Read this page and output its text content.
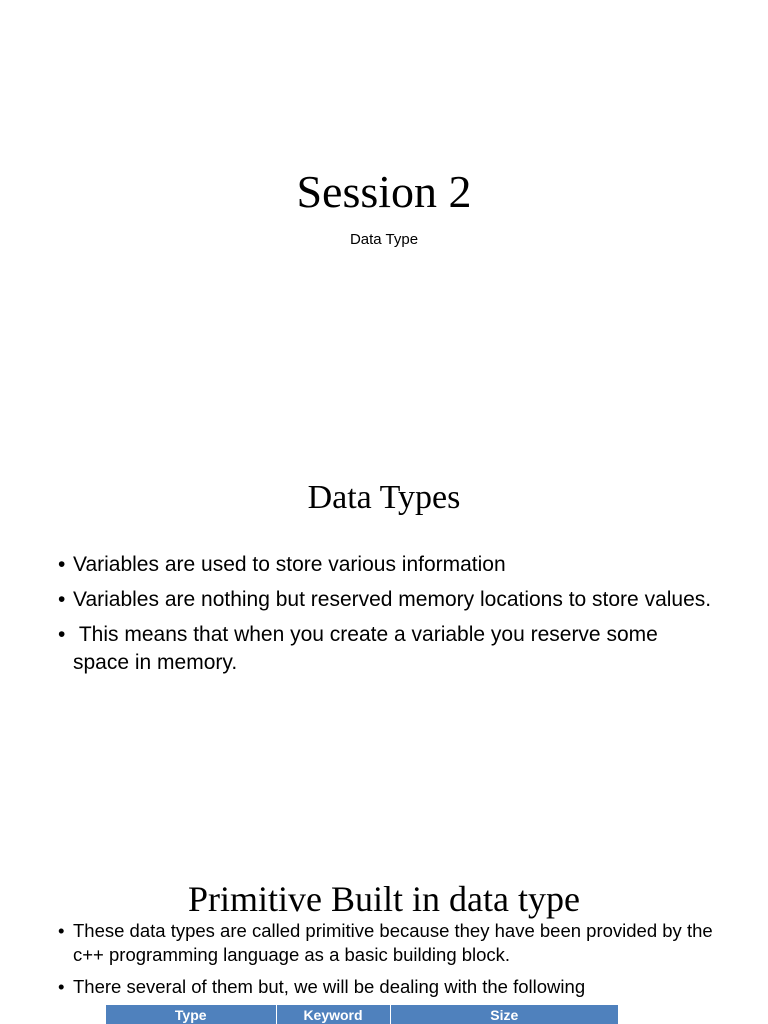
Session 2
Data Type
Data Types
• Variables are used to store various information
• Variables are nothing but reserved memory locations to store values.
• This means that when you create a variable you reserve some space in memory.
Primitive Built in data type
• These data types are called primitive because they have been provided by the c++ programming language as a basic building block.
• There several of them but, we will be dealing with the following
Type	Keyword	Size
